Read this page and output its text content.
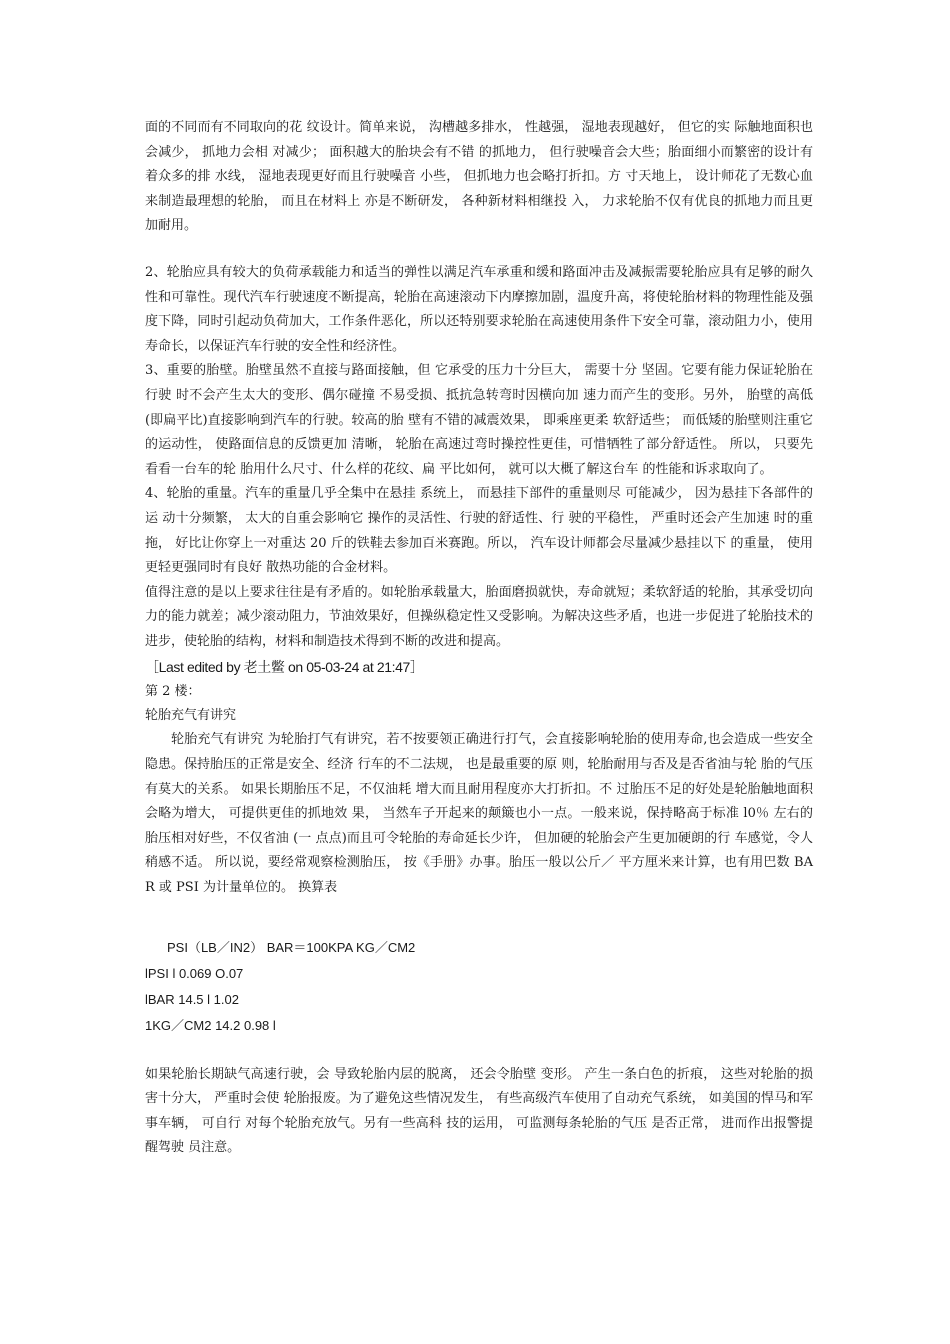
面的不同而有不同取向的花 纹设计。简单来说， 沟槽越多排水， 性越强， 湿地表现越好， 但它的实 际触地面积也会减少， 抓地力会相 对减少； 面积越大的胎块会有不错 的抓地力， 但行驶噪音会大些；胎面细小而繁密的设计有着众多的排 水线， 湿地表现更好而且行驶噪音 小些， 但抓地力也会略打折扣。方 寸天地上， 设计师花了无数心血来制造最理想的轮胎， 而且在材料上 亦是不断研发， 各种新材料相继投 入， 力求轮胎不仅有优良的抓地力而且更加耐用。

2、轮胎应具有较大的负荷承载能力和适当的弹性以满足汽车承重和缓和路面冲击及减振需要轮胎应具有足够的耐久性和可靠性。现代汽车行驶速度不断提高，轮胎在高速滚动下内摩擦加剧，温度升高，将使轮胎材料的物理性能及强度下降，同时引起动负荷加大，工作条件恶化，所以还特别要求轮胎在高速使用条件下安全可靠，滚动阻力小，使用寿命长，以保证汽车行驶的安全性和经济性。

3、重要的胎壁。胎壁虽然不直接与路面接触，但 它承受的压力十分巨大， 需要十分 坚固。它要有能力保证轮胎在行驶 时不会产生太大的变形、偶尔碰撞 不易受损、抵抗急转弯时因横向加 速力而产生的变形。另外， 胎壁的高低(即扁平比)直接影响到汽车的行驶。较高的胎 壁有不错的减震效果， 即乘座更柔 软舒适些； 而低矮的胎壁则注重它 的运动性， 使路面信息的反馈更加 清晰， 轮胎在高速过弯时操控性更佳，可惜牺牲了部分舒适性。 所以， 只要先看看一台车的轮 胎用什么尺寸、什么样的花纹、扁 平比如何， 就可以大概了解这台车 的性能和诉求取向了。

4、轮胎的重量。汽车的重量几乎全集中在悬挂 系统上， 而悬挂下部件的重量则尽 可能减少， 因为悬挂下各部件的运 动十分频繁， 太大的自重会影响它 操作的灵活性、行驶的舒适性、行 驶的平稳性， 严重时还会产生加速 时的重拖， 好比让你穿上一对重达 20 斤的铁鞋去参加百米赛跑。所以， 汽车设计师都会尽量减少悬挂以下 的重量， 使用更轻更强同时有良好 散热功能的合金材料。

值得注意的是以上要求往往是有矛盾的。如轮胎承载量大，胎面磨损就快，寿命就短；柔软舒适的轮胎，其承受切向力的能力就差；减少滚动阻力，节油效果好，但操纵稳定性又受影响。为解决这些矛盾，也进一步促进了轮胎技术的进步，使轮胎的结构，材料和制造技术得到不断的改进和提高。

［Last edited by 老土鳖 on 05-03-24 at 21:47］

第 2 楼：

轮胎充气有讲究

轮胎充气有讲究 为轮胎打气有讲究，若不按要领正确进行打气，会直接影响轮胎的使用寿命,也会造成一些安全隐患。保持胎压的正常是安全、经济 行车的不二法规， 也是最重要的原 则，轮胎耐用与否及是否省油与轮 胎的气压有莫大的关系。 如果长期胎压不足，不仅油耗 增大而且耐用程度亦大打折扣。不 过胎压不足的好处是轮胎触地面积 会略为增大， 可提供更佳的抓地效 果， 当然车子开起来的颠簸也小一点。一般来说，保持略高于标准 l0％ 左右的胎压相对好些，不仅省油 (一 点点)而且可令轮胎的寿命延长少许， 但加硬的轮胎会产生更加硬朗的行 车感觉，令人稍感不适。 所以说，要经常观察检测胎压， 按《手册》办事。胎压一般以公斤／ 平方厘米来计算，也有用巴数 BAR 或 PSI 为计量单位的。 换算表

PSI（LB／IN2） BAR＝100KPA KG／CM2

lPSI l 0.069 O.07

lBAR 14.5 l 1.02

1KG／CM2 14.2 0.98 l

如果轮胎长期缺气高速行驶，会 导致轮胎内层的脱离， 还会令胎壁 变形。 产生一条白色的折痕， 这些对轮胎的损害十分大， 严重时会使 轮胎报废。为了避免这些情况发生， 有些高级汽车使用了自动充气系统， 如美国的悍马和军事车辆， 可自行 对每个轮胎充放气。另有一些高科 技的运用， 可监测每条轮胎的气压 是否正常， 进而作出报警提醒驾驶 员注意。
